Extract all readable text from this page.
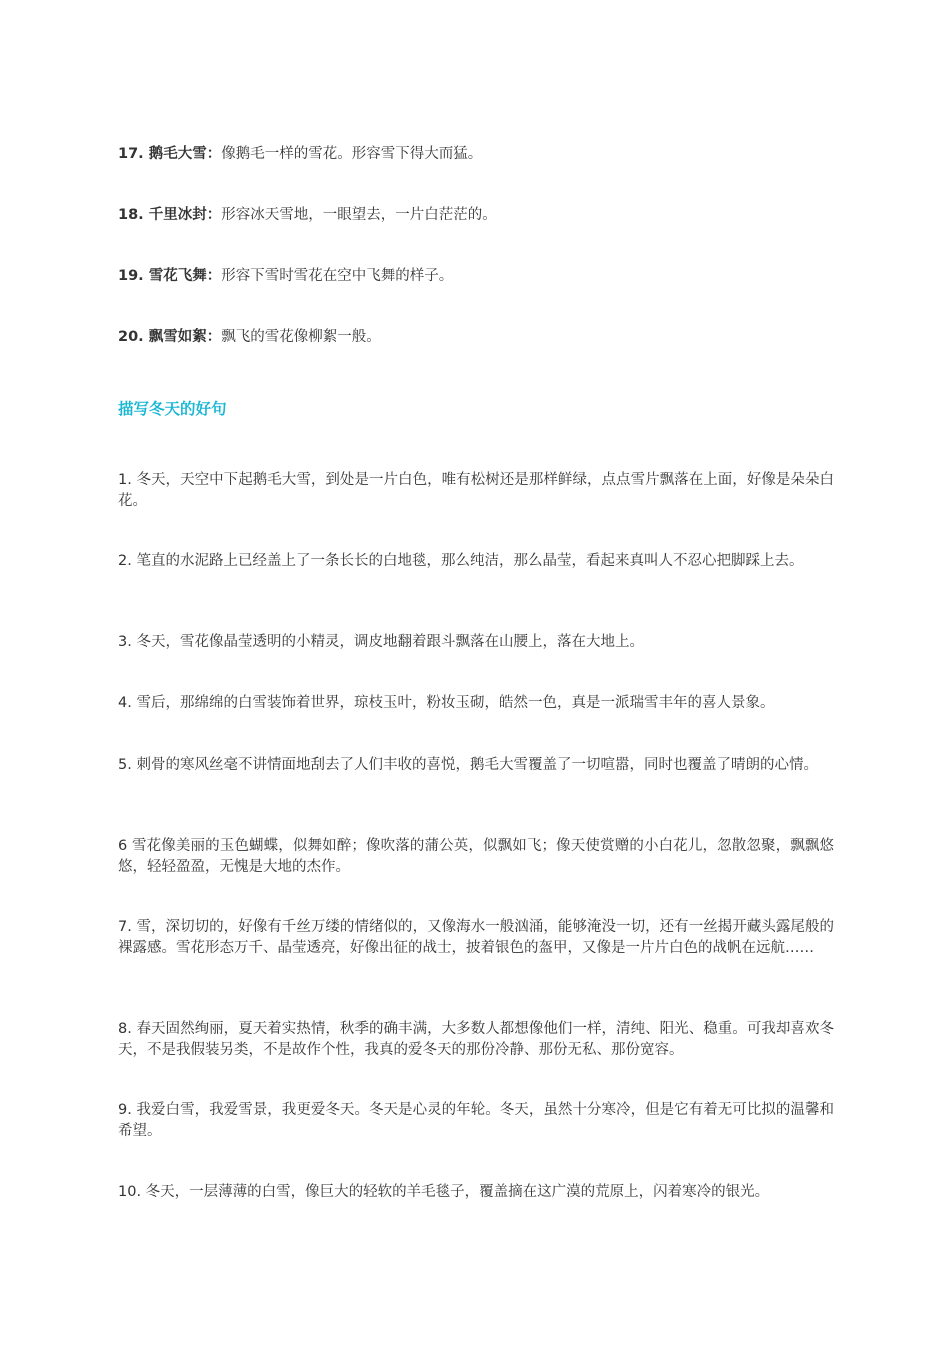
17. 鹅毛大雪：像鹅毛一样的雪花。形容雪下得大而猛。
18. 千里冰封：形容冰天雪地，一眼望去，一片白茫茫的。
19. 雪花飞舞：形容下雪时雪花在空中飞舞的样子。
20. 飘雪如絮：飘飞的雪花像柳絮一般。
描写冬天的好句
1. 冬天，天空中下起鹅毛大雪，到处是一片白色，唯有松树还是那样鲜绿，点点雪片飘落在上面，好像是朵朵白花。
2. 笔直的水泥路上已经盖上了一条长长的白地毯，那么纯洁，那么晶莹，看起来真叫人不忍心把脚踩上去。
3. 冬天，雪花像晶莹透明的小精灵，调皮地翻着跟斗飘落在山腰上，落在大地上。
4. 雪后，那绵绵的白雪装饰着世界，琼枝玉叶，粉妆玉砌，皓然一色，真是一派瑞雪丰年的喜人景象。
5. 刺骨的寒风丝毫不讲情面地刮去了人们丰收的喜悦，鹅毛大雪覆盖了一切喧嚣，同时也覆盖了晴朗的心情。
6 雪花像美丽的玉色蝴蝶，似舞如醉；像吹落的蒲公英，似飘如飞；像天使赏赠的小白花儿，忽散忽聚，飘飘悠悠，轻轻盈盈，无愧是大地的杰作。
7. 雪，深切切的，好像有千丝万缕的情绪似的，又像海水一般汹涌，能够淹没一切，还有一丝揭开藏头露尾般的裸露感。雪花形态万千、晶莹透亮，好像出征的战士，披着银色的盔甲，又像是一片片白色的战帆在远航……
8. 春天固然绚丽，夏天着实热情，秋季的确丰满，大多数人都想像他们一样，清纯、阳光、稳重。可我却喜欢冬天，不是我假装另类，不是故作个性，我真的爱冬天的那份冷静、那份无私、那份宽容。
9. 我爱白雪，我爱雪景，我更爱冬天。冬天是心灵的年轮。冬天，虽然十分寒冷，但是它有着无可比拟的温馨和希望。
10. 冬天，一层薄薄的白雪，像巨大的轻软的羊毛毯子，覆盖摘在这广漠的荒原上，闪着寒冷的银光。
